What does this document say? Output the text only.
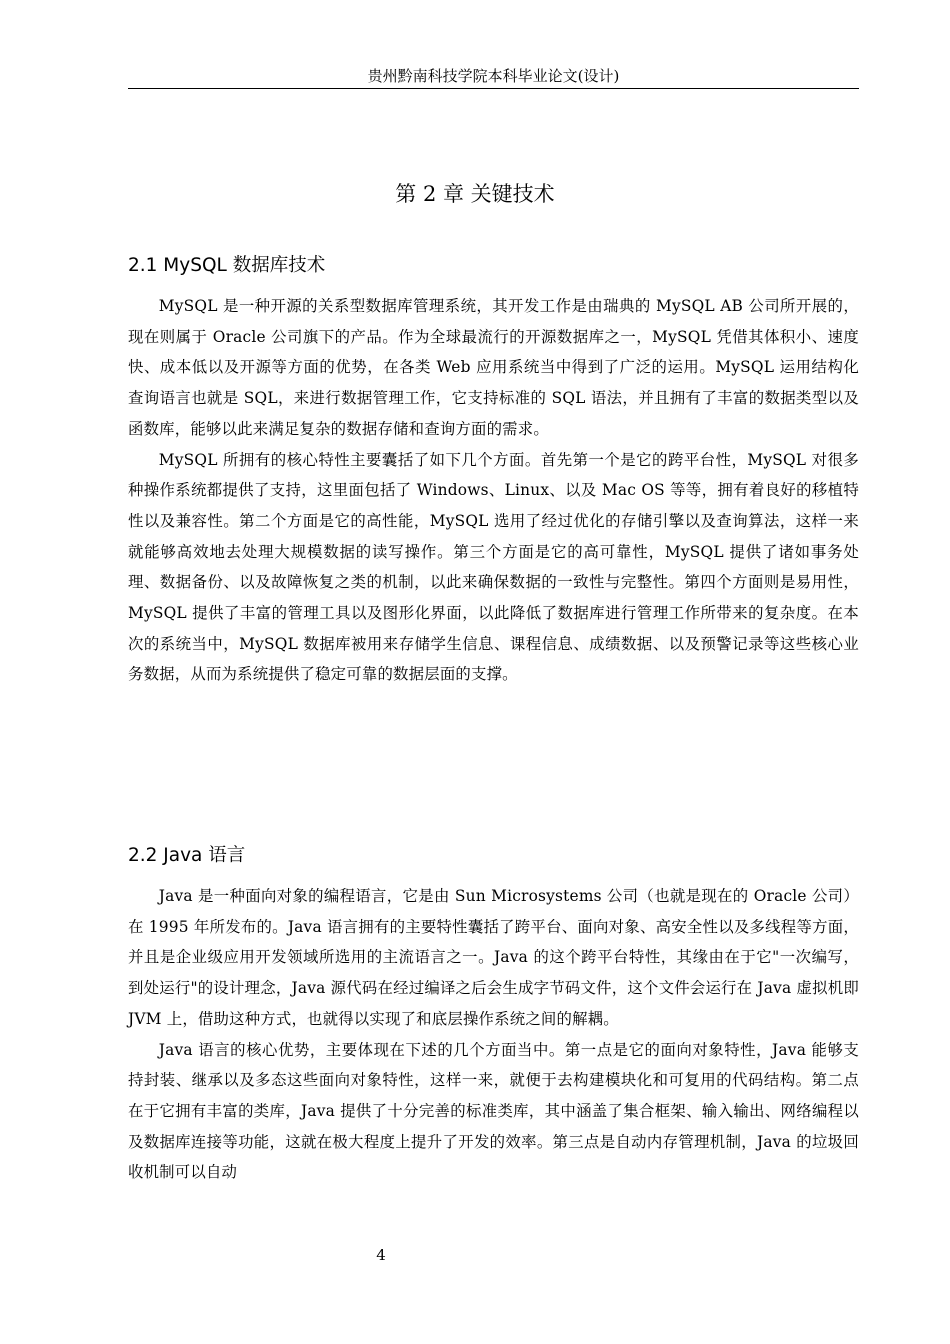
贵州黔南科技学院本科毕业论文(设计)
第 2 章 关键技术
2.1 MySQL 数据库技术

MySQL 是一种开源的关系型数据库管理系统，其开发工作是由瑞典的 MySQL AB 公司所开展的，现在则属于 Oracle 公司旗下的产品。作为全球最流行的开源数据库之一，MySQL 凭借其体积小、速度快、成本低以及开源等方面的优势，在各类 Web 应用系统当中得到了广泛的运用。MySQL 运用结构化查询语言也就是 SQL，来进行数据管理工作，它支持标准的 SQL 语法，并且拥有了丰富的数据类型以及函数库，能够以此来满足复杂的数据存储和查询方面的需求。

MySQL 所拥有的核心特性主要囊括了如下几个方面。首先第一个是它的跨平台性，MySQL 对很多种操作系统都提供了支持，这里面包括了 Windows、Linux、以及 Mac OS 等等，拥有着良好的移植特性以及兼容性。第二个方面是它的高性能，MySQL 选用了经过优化的存储引擎以及查询算法，这样一来就能够高效地去处理大规模数据的读写操作。第三个方面是它的高可靠性，MySQL 提供了诸如事务处理、数据备份、以及故障恢复之类的机制，以此来确保数据的一致性与完整性。第四个方面则是易用性，MySQL 提供了丰富的管理工具以及图形化界面，以此降低了数据库进行管理工作所带来的复杂度。在本次的系统当中，MySQL 数据库被用来存储学生信息、课程信息、成绩数据、以及预警记录等这些核心业务数据，从而为系统提供了稳定可靠的数据层面的支撑。

2.2 Java 语言

Java 是一种面向对象的编程语言，它是由 Sun Microsystems 公司（也就是现在的 Oracle 公司）在 1995 年所发布的。Java 语言拥有的主要特性囊括了跨平台、面向对象、高安全性以及多线程等方面，并且是企业级应用开发领域所选用的主流语言之一。Java 的这个跨平台特性，其缘由在于它"一次编写，到处运行"的设计理念，Java 源代码在经过编译之后会生成字节码文件，这个文件会运行在 Java 虚拟机即 JVM 上，借助这种方式，也就得以实现了和底层操作系统之间的解耦。

Java 语言的核心优势，主要体现在下述的几个方面当中。第一点是它的面向对象特性，Java 能够支持封装、继承以及多态这些面向对象特性，这样一来，就便于去构建模块化和可复用的代码结构。第二点在于它拥有丰富的类库，Java 提供了十分完善的标准类库，其中涵盖了集合框架、输入输出、网络编程以及数据库连接等功能，这就在极大程度上提升了开发的效率。第三点是自动内存管理机制，Java 的垃圾回收机制可以自动

4
